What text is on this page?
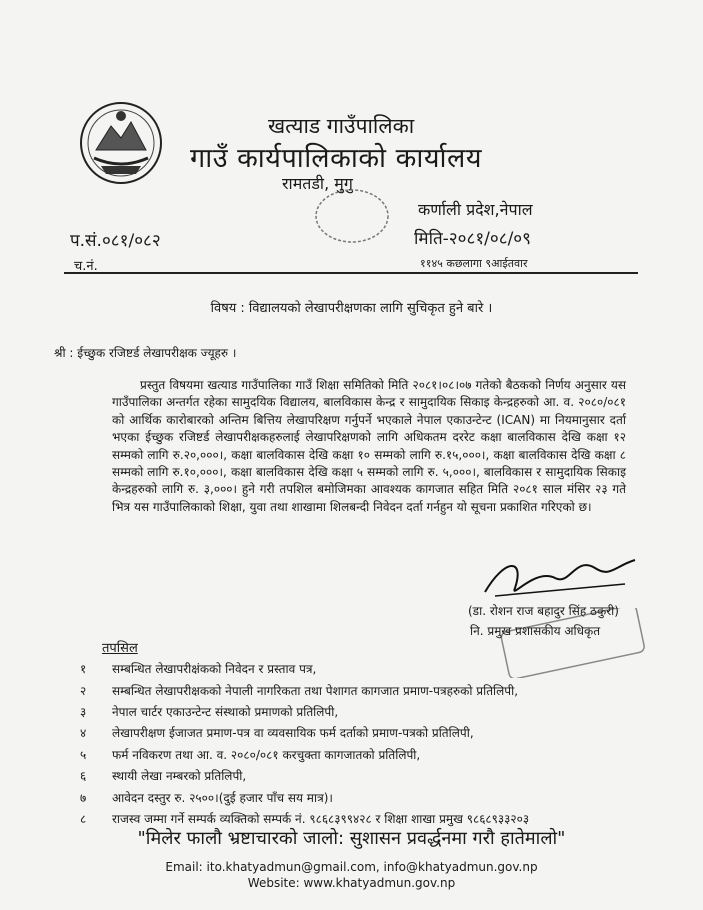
खत्याड गाउँपालिका
गाउँ कार्यपालिकाको कार्यालय
रामतडी, मुगु
कर्णाली प्रदेश,नेपाल
प.सं.०८१/०८२	मिति-२०८१/०८/०९
च.नं.	११४५ कछलागा ९आईतवार
विषय : विद्यालयको लेखापरीक्षणका लागि सुचिकृत हुने बारे ।
श्री : ईच्छुक रजिष्टर्ड लेखापरीक्षक ज्यूहरु ।

प्रस्तुत विषयमा खत्याड गाउँपालिका गाउँ शिक्षा समितिको मिति २०८१।०८।०७ गतेको बैठकको निर्णय अनुसार यस गाउँपालिका अन्तर्गत रहेका सामुदयिक विद्यालय, बालविकास केन्द्र र सामुदायिक सिकाइ केन्द्रहरुको आ. व. २०८०/०८१ को आर्थिक कारोबारको अन्तिम बित्तिय लेखापरिक्षण गर्नुपर्ने भएकाले नेपाल एकाउन्टेन्ट (ICAN) मा नियमानुसार दर्ता भएका ईच्छुक रजिष्टर्ड लेखापरीक्षकहरुलाई लेखापरिक्षणको लागि अधिकतम दररेट कक्षा बालविकास देखि कक्षा १२ सम्मको लागि रु.२०,०००।, कक्षा बालविकास देखि कक्षा १० सम्मको लागि रु.१५,०००।, कक्षा बालविकास देखि कक्षा ८ सम्मको लागि रु.१०,०००।, कक्षा बालविकास देखि कक्षा ५ सम्मको लागि रु. ५,०००।, बालविकास र सामुदायिक सिकाइ केन्द्रहरुको लागि रु. ३,०००। हुने गरी तपशिल बमोजिमका आवश्यक कागजात सहित मिति २०८१ साल मंसिर २३ गते भित्र यस गाउँपालिकाको शिक्षा, युवा तथा शाखामा शिलबन्दी निवेदन दर्ता गर्नहुन यो सूचना प्रकाशित गरिएको छ।

(डा. रोशन राज बहादुर सिंह ठकुरी)
नि. प्रमुख प्रशासकीय अधिकृत
तपसिल
१	सम्बन्धित लेखापरीक्षंकको निवेदन र प्रस्ताव पत्र,
२	सम्बन्धित लेखापरीक्षकको नेपाली नागरिकता तथा पेशागत कागजात प्रमाण-पत्रहरुको प्रतिलिपी,
३	नेपाल चार्टर एकाउन्टेन्ट संस्थाको प्रमाणको प्रतिलिपी,
४	लेखापरीक्षण ईजाजत प्रमाण-पत्र वा व्यवसायिक फर्म दर्ताको प्रमाण-पत्रको प्रतिलिपी,
५	फर्म नविकरण तथा आ. व. २०८०/०८१ करचुक्ता कागजातको प्रतिलिपी,
६	स्थायी लेखा नम्बरको प्रतिलिपी,
७	आवेदन दस्तुर रु. २५००।(दुई हजार पाँच सय मात्र)।
८	राजस्व जम्मा गर्ने सम्पर्क व्यक्तिको सम्पर्क नं. ९८६८३९९४२८ र शिक्षा शाखा प्रमुख ९८६८९३३२०३
"मिलेर फालौ भ्रष्टाचारको जालो: सुशासन प्रवर्द्धनमा गरौ हातेमालो"
Email: ito.khatyadmun@gmail.com, info@khatyadmun.gov.np
Website: www.khatyadmun.gov.np
